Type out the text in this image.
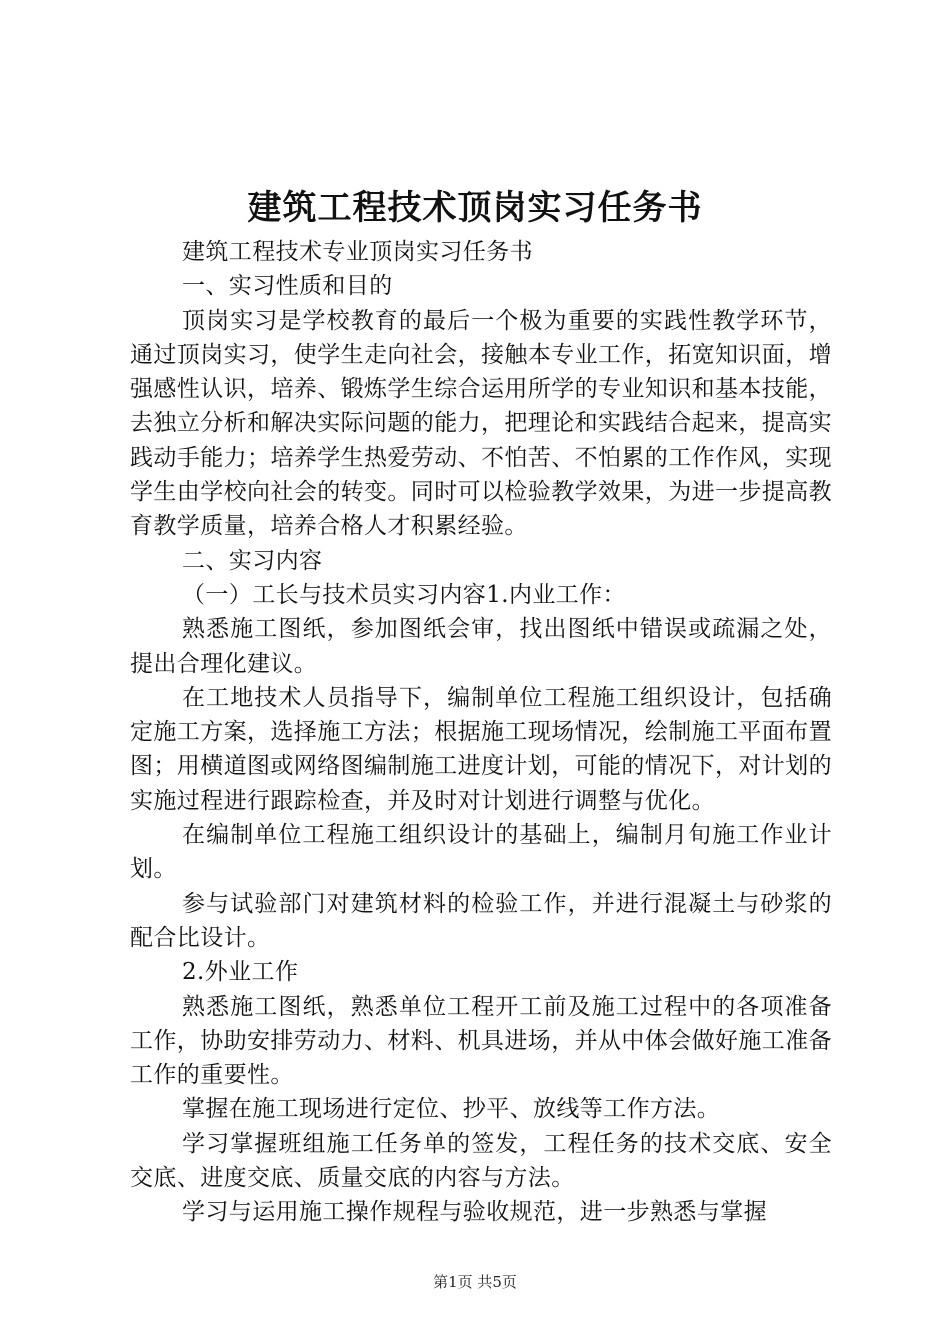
建筑工程技术顶岗实习任务书

建筑工程技术专业顶岗实习任务书

一、实习性质和目的

顶岗实习是学校教育的最后一个极为重要的实践性教学环节，通过顶岗实习，使学生走向社会，接触本专业工作，拓宽知识面，增强感性认识，培养、锻炼学生综合运用所学的专业知识和基本技能，去独立分析和解决实际问题的能力，把理论和实践结合起来，提高实践动手能力；培养学生热爱劳动、不怕苦、不怕累的工作作风，实现学生由学校向社会的转变。同时可以检验教学效果，为进一步提高教育教学质量，培养合格人才积累经验。

二、实习内容

（一）工长与技术员实习内容1.内业工作：

熟悉施工图纸，参加图纸会审，找出图纸中错误或疏漏之处，提出合理化建议。

在工地技术人员指导下，编制单位工程施工组织设计，包括确定施工方案，选择施工方法；根据施工现场情况，绘制施工平面布置图；用横道图或网络图编制施工进度计划，可能的情况下，对计划的实施过程进行跟踪检查，并及时对计划进行调整与优化。

在编制单位工程施工组织设计的基础上，编制月旬施工作业计划。

参与试验部门对建筑材料的检验工作，并进行混凝土与砂浆的配合比设计。

2.外业工作

熟悉施工图纸，熟悉单位工程开工前及施工过程中的各项准备工作，协助安排劳动力、材料、机具进场，并从中体会做好施工准备工作的重要性。

掌握在施工现场进行定位、抄平、放线等工作方法。

学习掌握班组施工任务单的签发，工程任务的技术交底、安全交底、进度交底、质量交底的内容与方法。

学习与运用施工操作规程与验收规范，进一步熟悉与掌握

第1页 共5页
